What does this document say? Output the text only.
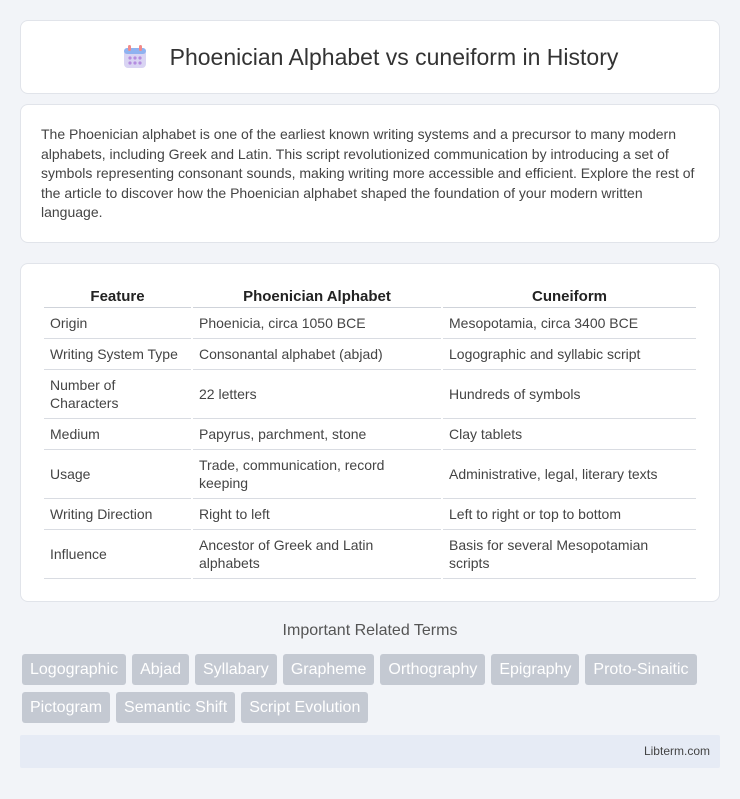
Phoenician Alphabet vs cuneiform in History

The Phoenician alphabet is one of the earliest known writing systems and a precursor to many modern alphabets, including Greek and Latin. This script revolutionized communication by introducing a set of symbols representing consonant sounds, making writing more accessible and efficient. Explore the rest of the article to discover how the Phoenician alphabet shaped the foundation of your modern written language.

Feature	Phoenician Alphabet	Cuneiform
Origin	Phoenicia, circa 1050 BCE	Mesopotamia, circa 3400 BCE
Writing System Type	Consonantal alphabet (abjad)	Logographic and syllabic script
Number of Characters	22 letters	Hundreds of symbols
Medium	Papyrus, parchment, stone	Clay tablets
Usage	Trade, communication, record keeping	Administrative, legal, literary texts
Writing Direction	Right to left	Left to right or top to bottom
Influence	Ancestor of Greek and Latin alphabets	Basis for several Mesopotamian scripts
Important Related Terms
Logographic	Abjad	Syllabary	Grapheme	Orthography	Epigraphy	Proto-Sinaitic
Pictogram	Semantic Shift	Script Evolution
Libterm.com
